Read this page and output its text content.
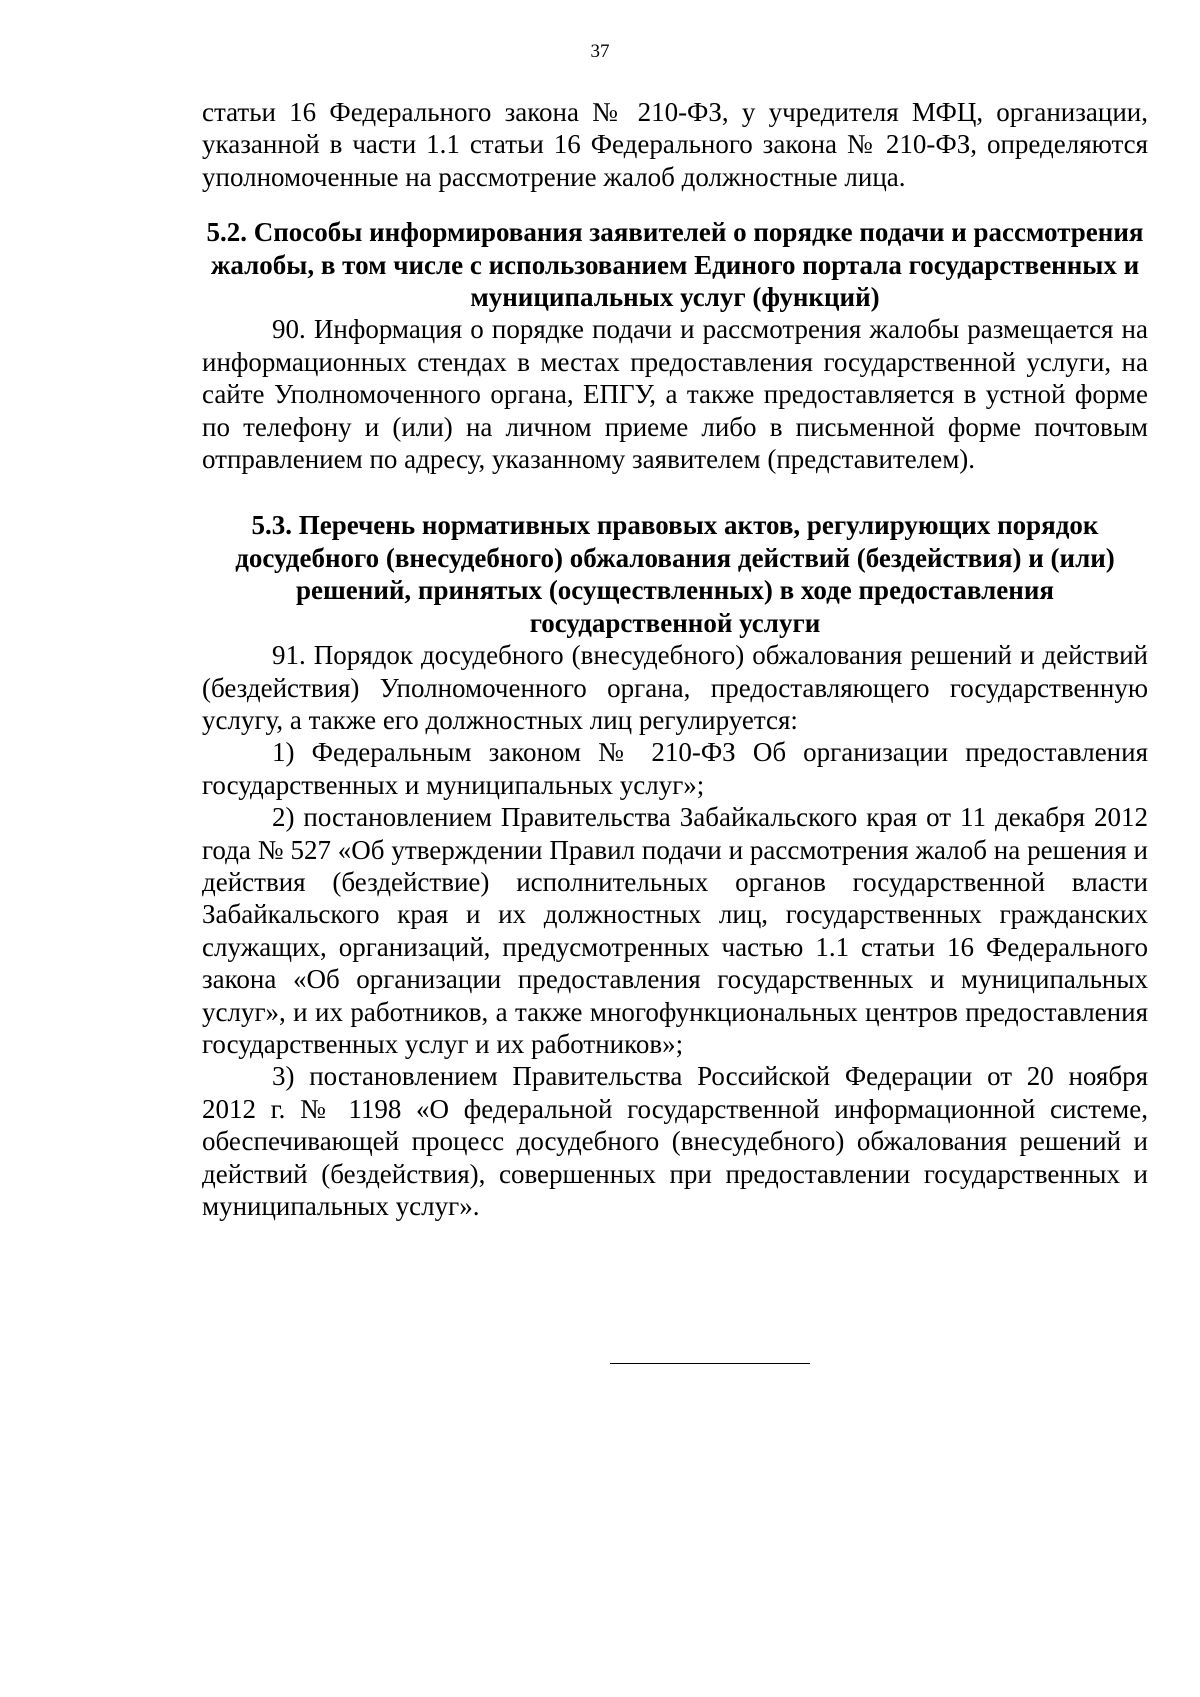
37

статьи 16 Федерального закона № 210-ФЗ, у учредителя МФЦ, организации, указанной в части 1.1 статьи 16 Федерального закона № 210-ФЗ, определяются уполномоченные на рассмотрение жалоб должностные лица.

5.2. Способы информирования заявителей о порядке подачи и рассмотрения жалобы, в том числе с использованием Единого портала государственных и муниципальных услуг (функций)

90. Информация о порядке подачи и рассмотрения жалобы размещается на информационных стендах в местах предоставления государственной услуги, на сайте Уполномоченного органа, ЕПГУ, а также предоставляется в устной форме по телефону и (или) на личном приеме либо в письменной форме почтовым отправлением по адресу, указанному заявителем (представителем).

5.3. Перечень нормативных правовых актов, регулирующих порядок досудебного (внесудебного) обжалования действий (бездействия) и (или) решений, принятых (осуществленных) в ходе предоставления государственной услуги

91. Порядок досудебного (внесудебного) обжалования решений и действий (бездействия) Уполномоченного органа, предоставляющего государственную услугу, а также его должностных лиц регулируется:

1) Федеральным законом № 210-ФЗ Об организации предоставления государственных и муниципальных услуг»;

2) постановлением Правительства Забайкальского края от 11 декабря 2012 года № 527 «Об утверждении Правил подачи и рассмотрения жалоб на решения и действия (бездействие) исполнительных органов государственной власти Забайкальского края и их должностных лиц, государственных гражданских служащих, организаций, предусмотренных частью 1.1 статьи 16 Федерального закона «Об организации предоставления государственных и муниципальных услуг», и их работников, а также многофункциональных центров предоставления государственных услуг и их работников»;

3) постановлением Правительства Российской Федерации от 20 ноября 2012 г. № 1198 «О федеральной государственной информационной системе, обеспечивающей процесс досудебного (внесудебного) обжалования решений и действий (бездействия), совершенных при предоставлении государственных и муниципальных услуг».
